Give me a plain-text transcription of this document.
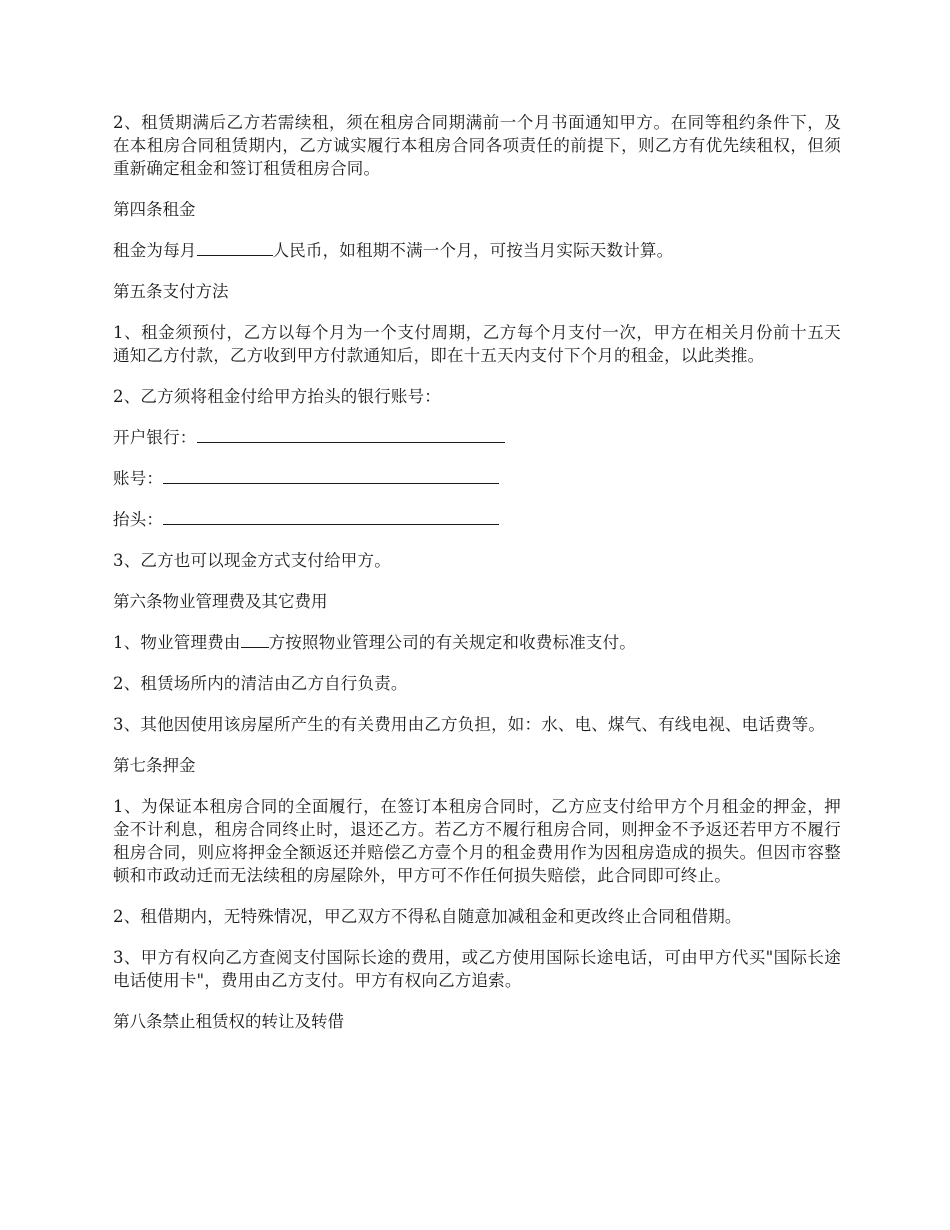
2、租赁期满后乙方若需续租，须在租房合同期满前一个月书面通知甲方。在同等租约条件下，及在本租房合同租赁期内，乙方诚实履行本租房合同各项责任的前提下，则乙方有优先续租权，但须重新确定租金和签订租赁租房合同。

第四条租金

租金为每月	人民币，如租期不满一个月，可按当月实际天数计算。

第五条支付方法

1、租金须预付，乙方以每个月为一个支付周期，乙方每个月支付一次，甲方在相关月份前十五天通知乙方付款，乙方收到甲方付款通知后，即在十五天内支付下个月的租金，以此类推。

2、乙方须将租金付给甲方抬头的银行账号：

开户银行：

账号：

抬头：

3、乙方也可以现金方式支付给甲方。

第六条物业管理费及其它费用

1、物业管理费由 方按照物业管理公司的有关规定和收费标准支付。

2、租赁场所内的清洁由乙方自行负责。

3、其他因使用该房屋所产生的有关费用由乙方负担，如：水、电、煤气、有线电视、电话费等。

第七条押金

1、为保证本租房合同的全面履行，在签订本租房合同时，乙方应支付给甲方个月租金的押金，押金不计利息，租房合同终止时，退还乙方。若乙方不履行租房合同，则押金不予返还若甲方不履行租房合同，则应将押金全额返还并赔偿乙方壹个月的租金费用作为因租房造成的损失。但因市容整顿和市政动迁而无法续租的房屋除外，甲方可不作任何损失赔偿，此合同即可终止。

2、租借期内，无特殊情况，甲乙双方不得私自随意加减租金和更改终止合同租借期。

3、甲方有权向乙方查阅支付国际长途的费用，或乙方使用国际长途电话，可由甲方代买"国际长途电话使用卡"，费用由乙方支付。甲方有权向乙方追索。

第八条禁止租赁权的转让及转借
